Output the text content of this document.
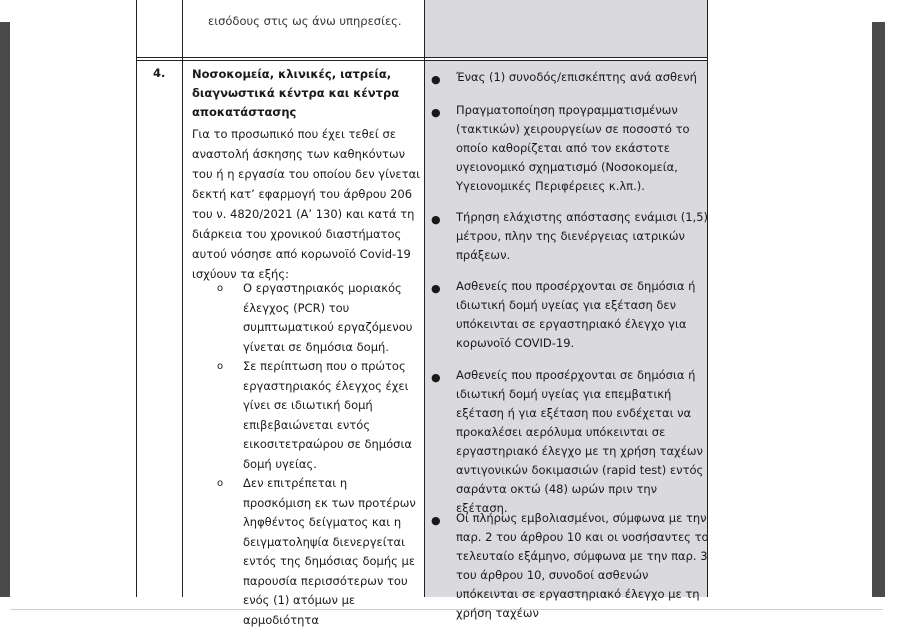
εισόδους στις ως άνω υπηρεσίες.
4. Νοσοκομεία, κλινικές, ιατρεία, διαγνωστικά κέντρα και κέντρα αποκατάστασης
Για το προσωπικό που έχει τεθεί σε αναστολή άσκησης των καθηκόντων του ή η εργασία του οποίου δεν γίνεται δεκτή κατ’ εφαρμογή του άρθρου 206 του ν. 4820/2021 (Α’ 130) και κατά τη διάρκεια του χρονικού διαστήματος αυτού νόσησε από κορωνοϊό Covid-19 ισχύουν τα εξής:
o Ο εργαστηριακός μοριακός έλεγχος (PCR) του συμπτωματικού εργαζόμενου γίνεται σε δημόσια δομή.
o Σε περίπτωση που ο πρώτος εργαστηριακός έλεγχος έχει γίνει σε ιδιωτική δομή επιβεβαιώνεται εντός εικοσιτετραώρου σε δημόσια δομή υγείας.
o Δεν επιτρέπεται η προσκόμιση εκ των προτέρων ληφθέντος δείγματος και η δειγματοληψία διενεργείται εντός της δημόσιας δομής με παρουσία περισσότερων του ενός (1) ατόμων με αρμοδιότητα
● Ένας (1) συνοδός/επισκέπτης ανά ασθενή
● Πραγματοποίηση προγραμματισμένων (τακτικών) χειρουργείων σε ποσοστό το οποίο καθορίζεται από τον εκάστοτε υγειονομικό σχηματισμό (Νοσοκομεία, Υγειονομικές Περιφέρειες κ.λπ.).
● Τήρηση ελάχιστης απόστασης ενάμισι (1,5) μέτρου, πλην της διενέργειας ιατρικών πράξεων.
● Ασθενείς που προσέρχονται σε δημόσια ή ιδιωτική δομή υγείας για εξέταση δεν υπόκεινται σε εργαστηριακό έλεγχο για κορωνοϊό COVID-19.
● Ασθενείς που προσέρχονται σε δημόσια ή ιδιωτική δομή υγείας για επεμβατική εξέταση ή για εξέταση που ενδέχεται να προκαλέσει αερόλυμα υπόκεινται σε εργαστηριακό έλεγχο με τη χρήση ταχέων αντιγονικών δοκιμασιών (rapid test) εντός σαράντα οκτώ (48) ωρών πριν την εξέταση.
● Οι πλήρως εμβολιασμένοι, σύμφωνα με την παρ. 2 του άρθρου 10 και οι νοσήσαντες το τελευταίο εξάμηνο, σύμφωνα με την παρ. 3 του άρθρου 10, συνοδοί ασθενών υπόκεινται σε εργαστηριακό έλεγχο με τη χρήση ταχέων
